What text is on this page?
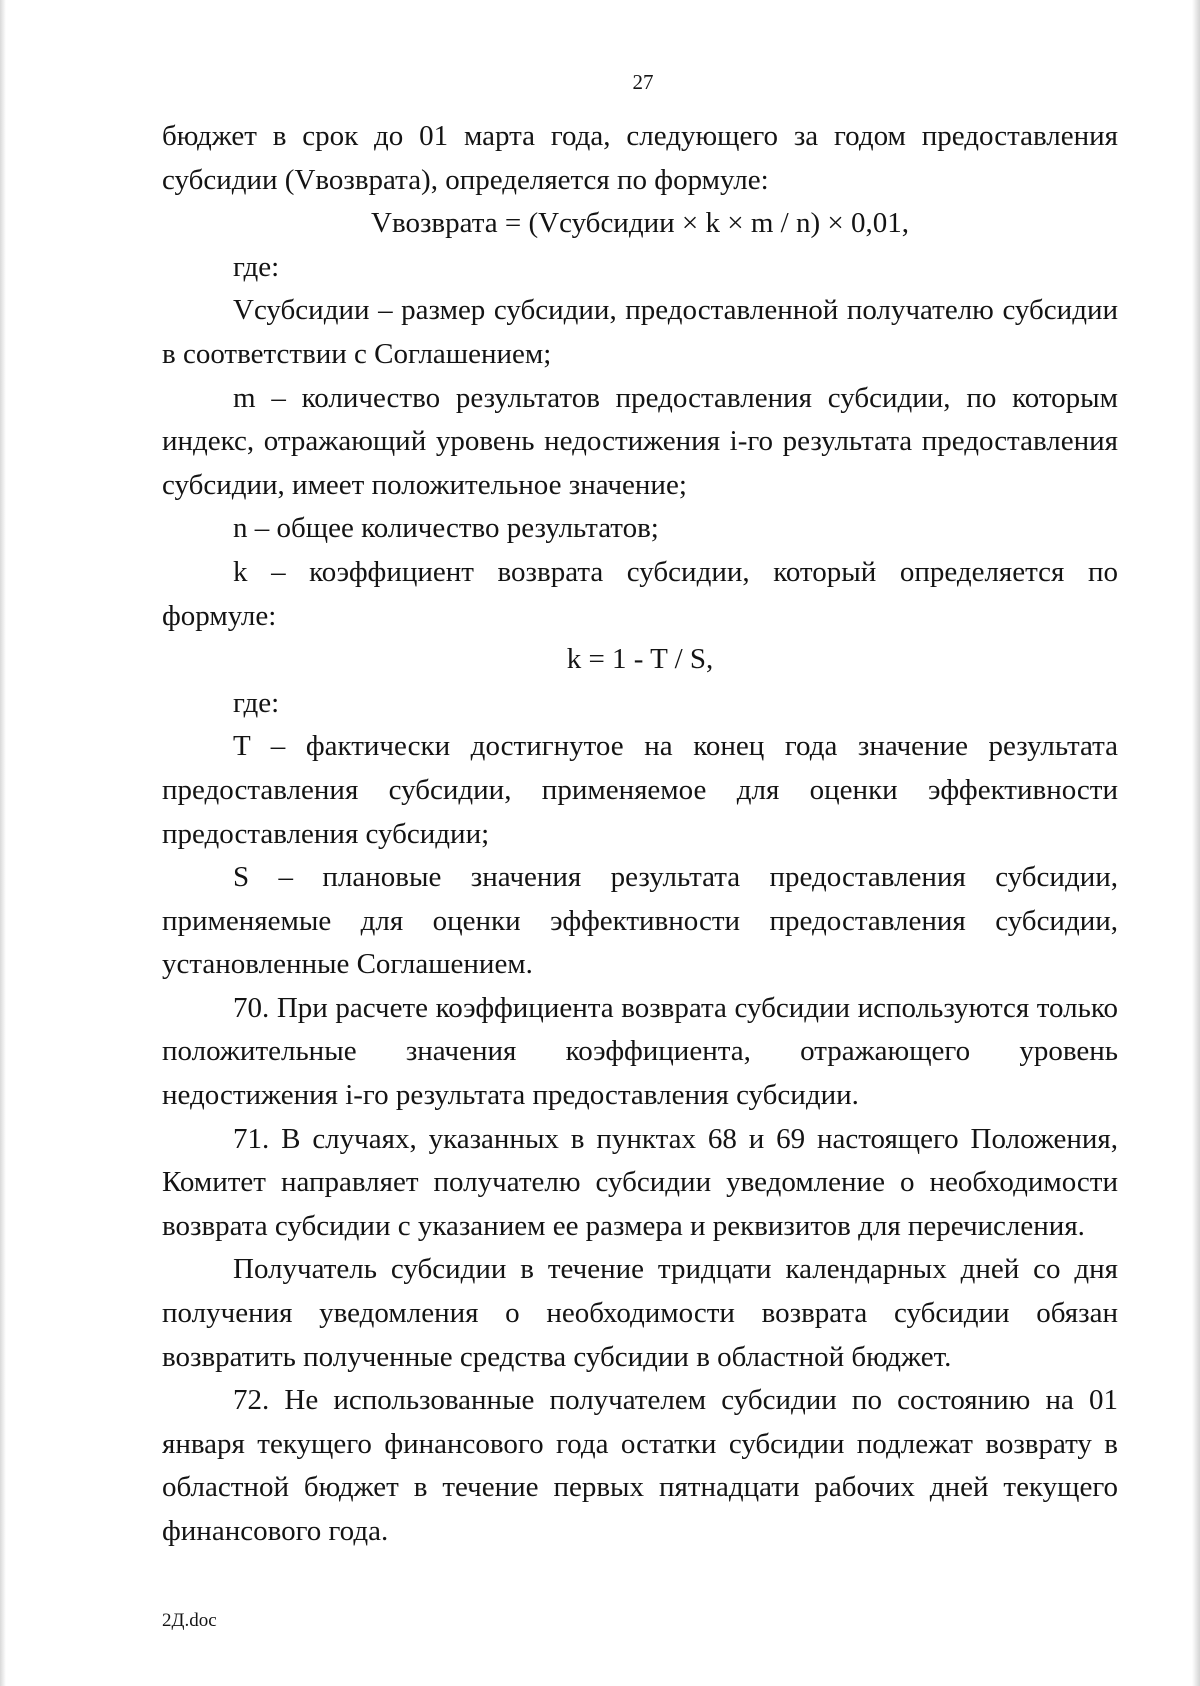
27

бюджет в срок до 01 марта года, следующего за годом предоставления субсидии (Vвозврата), определяется по формуле:

Vвозврата = (Vсубсидии × k × m / n) × 0,01,

где:

Vсубсидии – размер субсидии, предоставленной получателю субсидии в соответствии с Соглашением;

m – количество результатов предоставления субсидии, по которым индекс, отражающий уровень недостижения i-го результата предоставления субсидии, имеет положительное значение;

n – общее количество результатов;

k – коэффициент возврата субсидии, который определяется по формуле:

k = 1 - T / S,

где:

T – фактически достигнутое на конец года значение результата предоставления субсидии, применяемое для оценки эффективности предоставления субсидии;

S – плановые значения результата предоставления субсидии, применяемые для оценки эффективности предоставления субсидии, установленные Соглашением.

70. При расчете коэффициента возврата субсидии используются только положительные значения коэффициента, отражающего уровень недостижения i-го результата предоставления субсидии.

71. В случаях, указанных в пунктах 68 и 69 настоящего Положения, Комитет направляет получателю субсидии уведомление о необходимости возврата субсидии с указанием ее размера и реквизитов для перечисления.

Получатель субсидии в течение тридцати календарных дней со дня получения уведомления о необходимости возврата субсидии обязан возвратить полученные средства субсидии в областной бюджет.

72. Не использованные получателем субсидии по состоянию на 01 января текущего финансового года остатки субсидии подлежат возврату в областной бюджет в течение первых пятнадцати рабочих дней текущего финансового года.

2Д.doc
